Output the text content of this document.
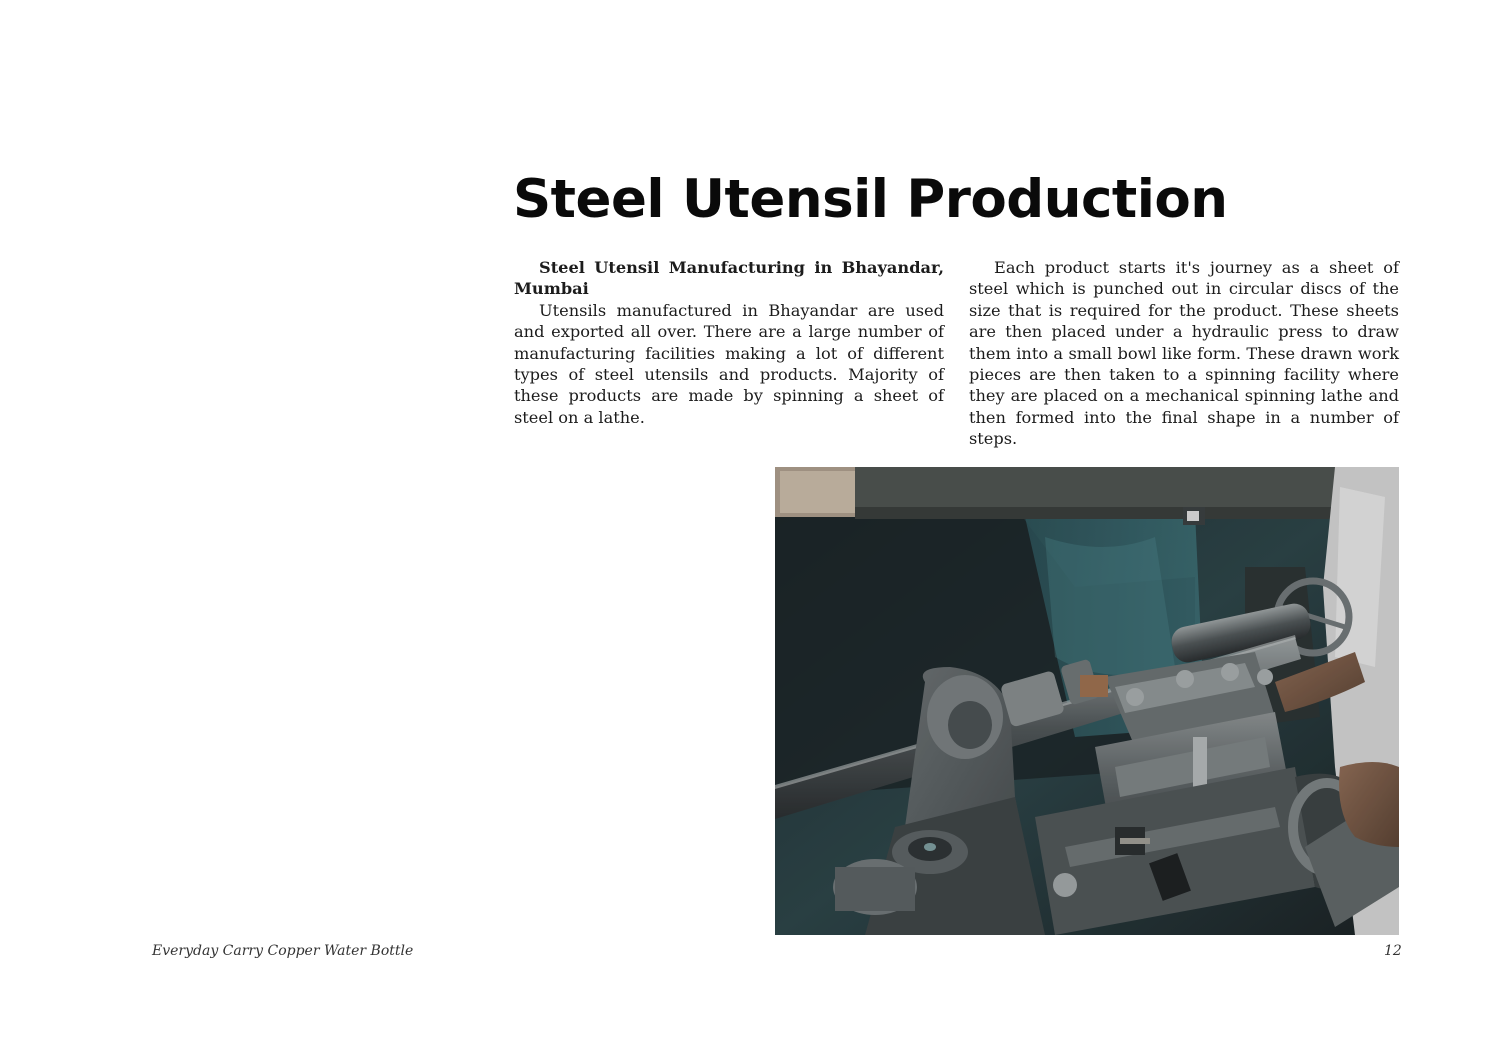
Steel Utensil Production

Steel Utensil Manufacturing in Bhayandar, Mumbai

Utensils manufactured in Bhayandar are used and exported all over. There are a large number of manufacturing facilities making a lot of different types of steel utensils and products. Majority of these products are made by spinning a sheet of steel on a lathe.

Each product starts it's journey as a sheet of steel which is punched out in circular discs of the size that is required for the product. These sheets are then placed under a hydraulic press to draw them into a small bowl like form. These drawn work pieces are then taken to a spinning facility where they are placed on a mechanical spinning lathe and then formed into the final shape in a number of steps.

Everyday Carry Copper Water Bottle	12
